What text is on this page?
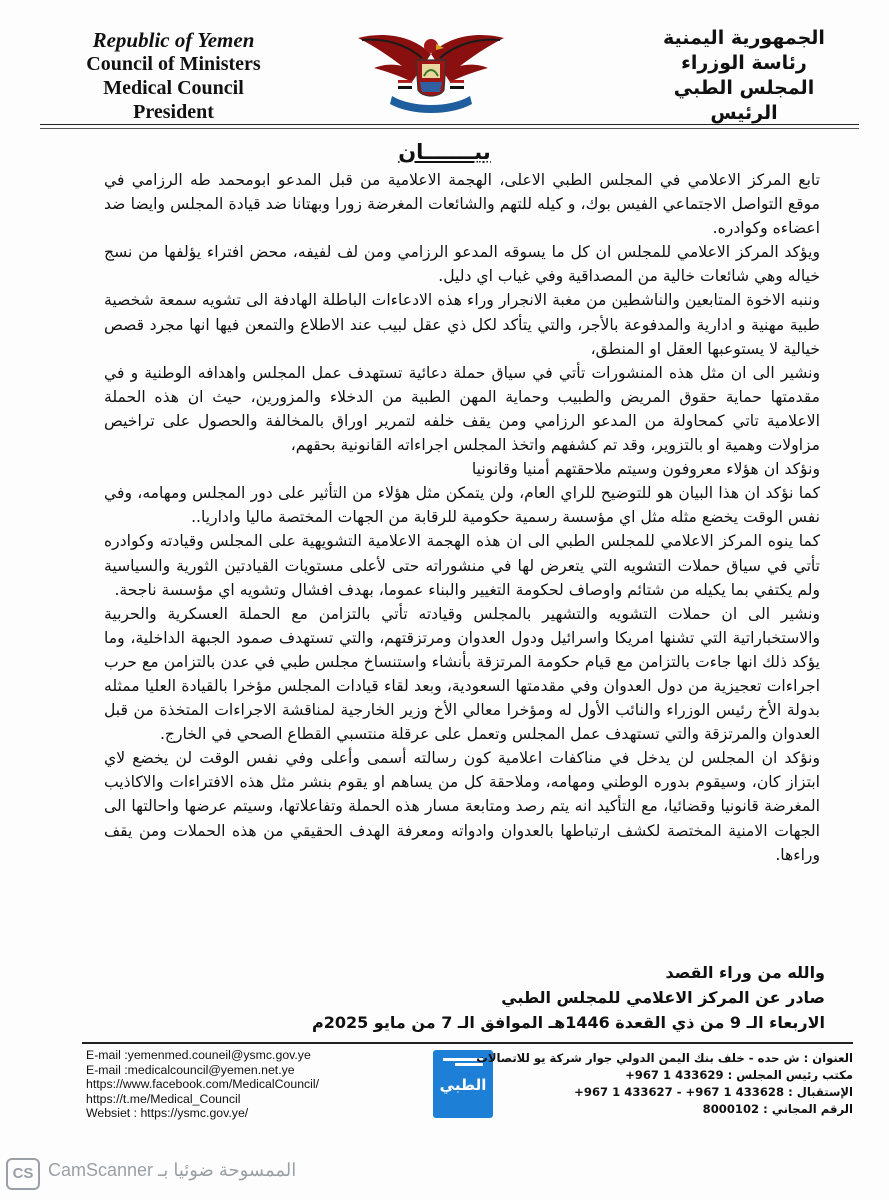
Republic of Yemen
Council of Ministers
Medical Council
President
الجمهورية اليمنية
رئاسة الوزراء
المجلس الطبي
الرئيس
بيـــــــان

تابع المركز الاعلامي في المجلس الطبي الاعلى، الهجمة الاعلامية من قبل المدعو ابومحمد طه الرزامي في موقع التواصل الاجتماعي الفيس بوك، و كيله للتهم والشائعات المغرضة زورا وبهتانا ضد قيادة المجلس وايضا ضد اعضاءه وكوادره.

ويؤكد المركز الاعلامي للمجلس ان كل ما يسوقه المدعو الرزامي ومن لف لفيفه، محض افتراء يؤلفها من نسج خياله وهي شائعات خالية من المصداقية وفي غياب اي دليل.

وننبه الاخوة المتابعين والناشطين من مغبة الانجرار وراء هذه الادعاءات الباطلة الهادفة الى تشويه سمعة شخصية طبية مهنية و ادارية والمدفوعة بالأجر، والتي يتأكد لكل ذي عقل لبيب عند الاطلاع والتمعن فيها انها مجرد قصص خيالية لا يستوعبها العقل او المنطق،

ونشير الى ان مثل هذه المنشورات تأتي في سياق حملة دعائية تستهدف عمل المجلس واهدافه الوطنية و في مقدمتها حماية حقوق المريض والطبيب وحماية المهن الطبية من الدخلاء والمزورين، حيث ان هذه الحملة الاعلامية تاتي كمحاولة من المدعو الرزامي ومن يقف خلفه لتمرير اوراق بالمخالفة والحصول على تراخيص مزاولات وهمية او بالتزوير، وقد تم كشفهم واتخذ المجلس اجراءاته القانونية بحقهم،

ونؤكد ان هؤلاء معروفون وسيتم ملاحقتهم أمنيا وقانونيا

كما نؤكد ان هذا البيان هو للتوضيح للراي العام، ولن يتمكن مثل هؤلاء من التأثير على دور المجلس ومهامه، وفي نفس الوقت يخضع مثله مثل اي مؤسسة رسمية حكومية للرقابة من الجهات المختصة ماليا واداريا..

كما ينوه المركز الاعلامي للمجلس الطبي الى ان هذه الهجمة الاعلامية التشويهية على المجلس وقيادته وكوادره تأتي في سياق حملات التشويه التي يتعرض لها في منشوراته حتى لأعلى مستويات القيادتين الثورية والسياسية ولم يكتفي بما يكيله من شتائم واوصاف لحكومة التغيير والبناء عموما، بهدف افشال وتشويه اي مؤسسة ناجحة.

ونشير الى ان حملات التشويه والتشهير بالمجلس وقيادته تأتي بالتزامن مع الحملة العسكرية والحربية والاستخباراتية التي تشنها امريكا واسرائيل ودول العدوان ومرتزقتهم، والتي تستهدف صمود الجبهة الداخلية، وما يؤكد ذلك انها جاءت بالتزامن مع قيام حكومة المرتزقة بأنشاء واستنساخ مجلس طبي في عدن بالتزامن مع حرب اجراءات تعجيزية من دول العدوان وفي مقدمتها السعودية، وبعد لقاء قيادات المجلس مؤخرا بالقيادة العليا ممثله بدولة الأخ رئيس الوزراء والنائب الأول له ومؤخرا معالي الأخ وزير الخارجية لمناقشة الاجراءات المتخذة من قبل العدوان والمرتزقة والتي تستهدف عمل المجلس وتعمل على عرقلة منتسبي القطاع الصحي في الخارج.

ونؤكد ان المجلس لن يدخل في مناكفات اعلامية كون رسالته أسمى وأعلى وفي نفس الوقت لن يخضع لاي ابتزاز كان، وسيقوم بدوره الوطني ومهامه، وملاحقة كل من يساهم او يقوم بنشر مثل هذه الافتراءات والاكاذيب المغرضة قانونيا وقضائيا، مع التأكيد انه يتم رصد ومتابعة مسار هذه الحملة وتفاعلاتها، وسيتم عرضها واحالتها الى الجهات الامنية المختصة لكشف ارتباطها بالعدوان وادواته ومعرفة الهدف الحقيقي من هذه الحملات ومن يقف وراءها.

والله من وراء القصد
صادر عن المركز الاعلامي للمجلس الطبي
الاربعاء الـ 9 من ذي القعدة 1446هـ الموافق الـ 7 من مايو 2025م
E-mail :yemenmed.couneil@ysmc.gov.ye
E-mail :medicalcouncil@yemen.net.ye
https://www.facebook.com/MedicalCouncil/
https://t.me/Medical_Council
Websiet : https://ysmc.gov.ye/
الطبي
العنوان : ش حده - خلف بنك اليمن الدولي جوار شركة يو للاتصالات
مكتب رئيس المجلس : 433629 1 967+
الإستقبال : 433628 1 967+ - 433627 1 967+
الرقم المجاني : 8000102
CS الممسوحة ضوئيا بـ CamScanner
